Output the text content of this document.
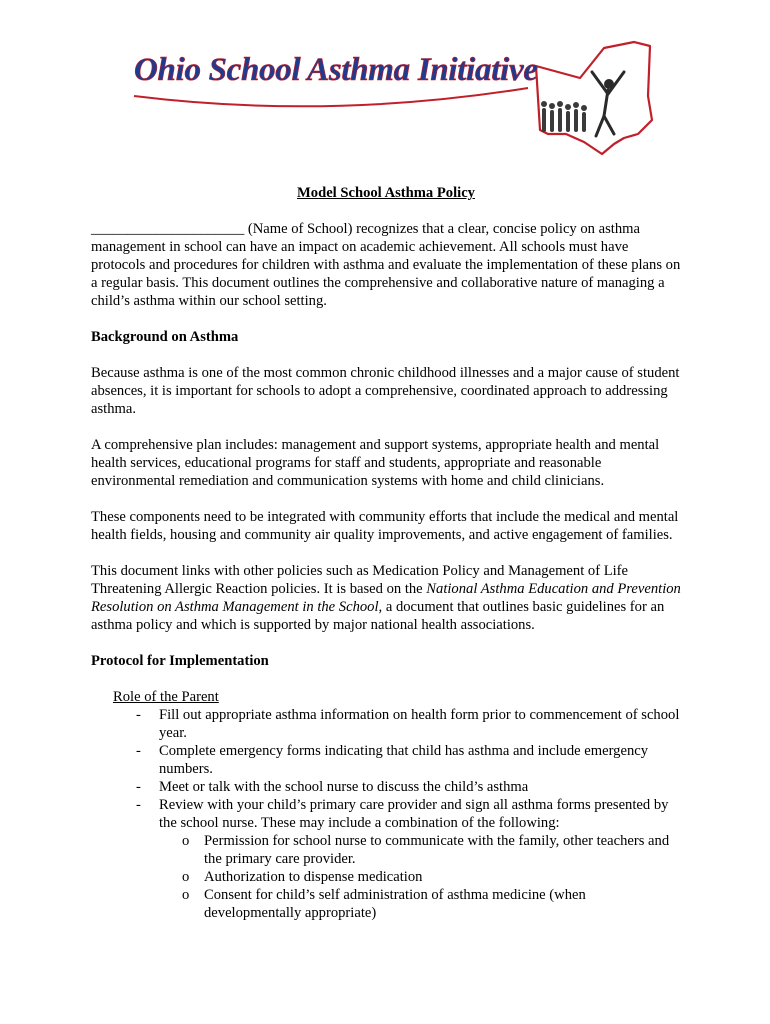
Ohio School Asthma Initiative
Model School Asthma Policy

_____________________ (Name of School) recognizes that a clear, concise policy on asthma management in school can have an impact on academic achievement. All schools must have protocols and procedures for children with asthma and evaluate the implementation of these plans on a regular basis. This document outlines the comprehensive and collaborative nature of managing a child’s asthma within our school setting.

Background on Asthma

Because asthma is one of the most common chronic childhood illnesses and a major cause of student absences, it is important for schools to adopt a comprehensive, coordinated approach to addressing asthma.

A comprehensive plan includes: management and support systems, appropriate health and mental health services, educational programs for staff and students, appropriate and reasonable environmental remediation and communication systems with home and child clinicians.

These components need to be integrated with community efforts that include the medical and mental health fields, housing and community air quality improvements, and active engagement of families.

This document links with other policies such as Medication Policy and Management of Life Threatening Allergic Reaction policies. It is based on the National Asthma Education and Prevention Resolution on Asthma Management in the School, a document that outlines basic guidelines for an asthma policy and which is supported by major national health associations.

Protocol for Implementation
Role of the Parent
- Fill out appropriate asthma information on health form prior to commencement of school year.
- Complete emergency forms indicating that child has asthma and include emergency numbers.
- Meet or talk with the school nurse to discuss the child’s asthma
- Review with your child’s primary care provider and sign all asthma forms presented by the school nurse. These may include a combination of the following:
o Permission for school nurse to communicate with the family, other teachers and the primary care provider.
o Authorization to dispense medication
o Consent for child’s self administration of asthma medicine (when developmentally appropriate)
